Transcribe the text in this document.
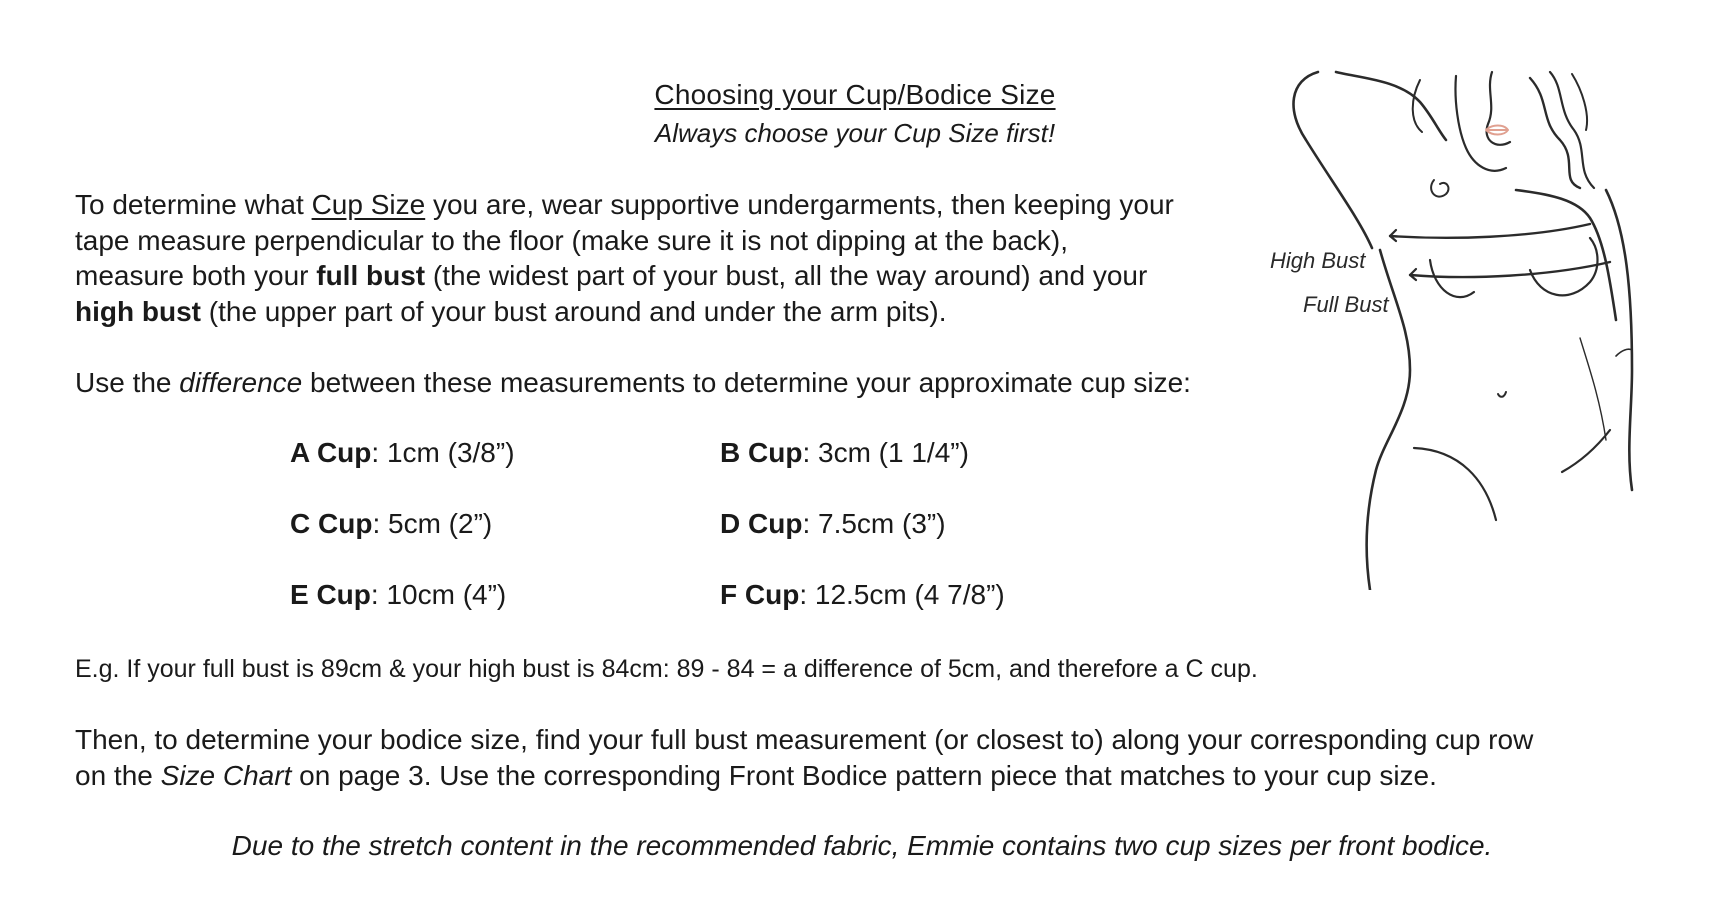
Choosing your Cup/Bodice Size
Always choose your Cup Size first!
To determine what Cup Size you are, wear supportive undergarments, then keeping your
tape measure perpendicular to the floor (make sure it is not dipping at the back),
measure both your full bust (the widest part of your bust, all the way around) and your
high bust (the upper part of your bust around and under the arm pits).
Use the difference between these measurements to determine your approximate cup size:
A Cup: 1cm (3/8”)	B Cup: 3cm (1 1/4”)
C Cup: 5cm (2”)	D Cup: 7.5cm (3”)
E Cup: 10cm (4”)	F Cup: 12.5cm (4 7/8”)
E.g. If your full bust is 89cm & your high bust is 84cm: 89 - 84 = a difference of 5cm, and therefore a C cup.
Then, to determine your bodice size, find your full bust measurement (or closest to) along your corresponding cup row
on the Size Chart on page 3. Use the corresponding Front Bodice pattern piece that matches to your cup size.
Due to the stretch content in the recommended fabric, Emmie contains two cup sizes per front bodice.
High Bust
Full Bust
